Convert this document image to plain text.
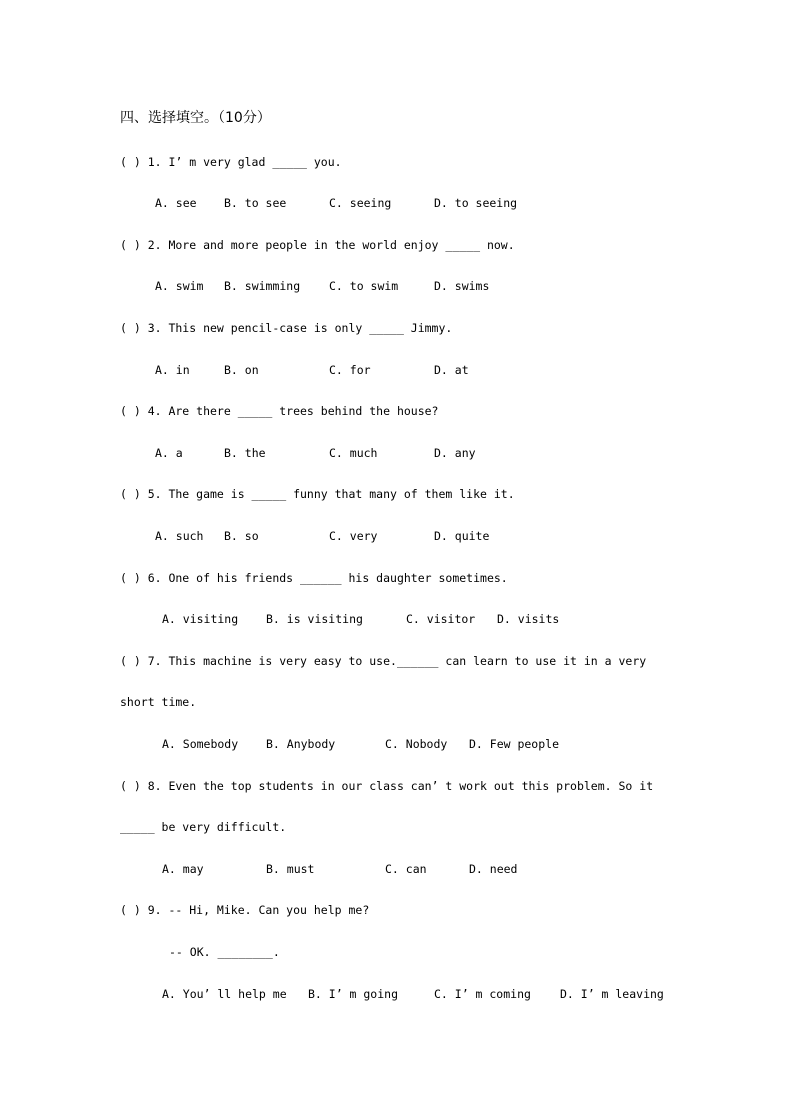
四、选择填空。（10分）
( ) 1. I’ m very glad _____ you.
A. see B. to see	C. seeing	D. to seeing
( ) 2. More and more people in the world enjoy _____ now.
A. swim B. swimming	C. to swim	D. swims
( ) 3. This new pencil-case is only _____ Jimmy.
A. in	B. on	C. for	D. at
( ) 4. Are there _____ trees behind the house?
A. a	B. the	C. much	D. any
( ) 5. The game is _____ funny that many of them like it.
A. such B. so	C. very	D. quite
( ) 6. One of his friends ______ his daughter sometimes.
A. visiting B. is visiting	C. visitor D. visits
( ) 7. This machine is very easy to use.______ can learn to use it in a very
short time.
A. Somebody B. Anybody	C. Nobody D. Few people
( ) 8. Even the top students in our class can’ t work out this problem. So it
_____ be very difficult.
A. may	B. must	C. can	D. need
( ) 9. -- Hi, Mike. Can you help me?
-- OK. ________.
A. You’ ll help me B. I’ m going	C. I’ m coming	D. I’ m leaving
